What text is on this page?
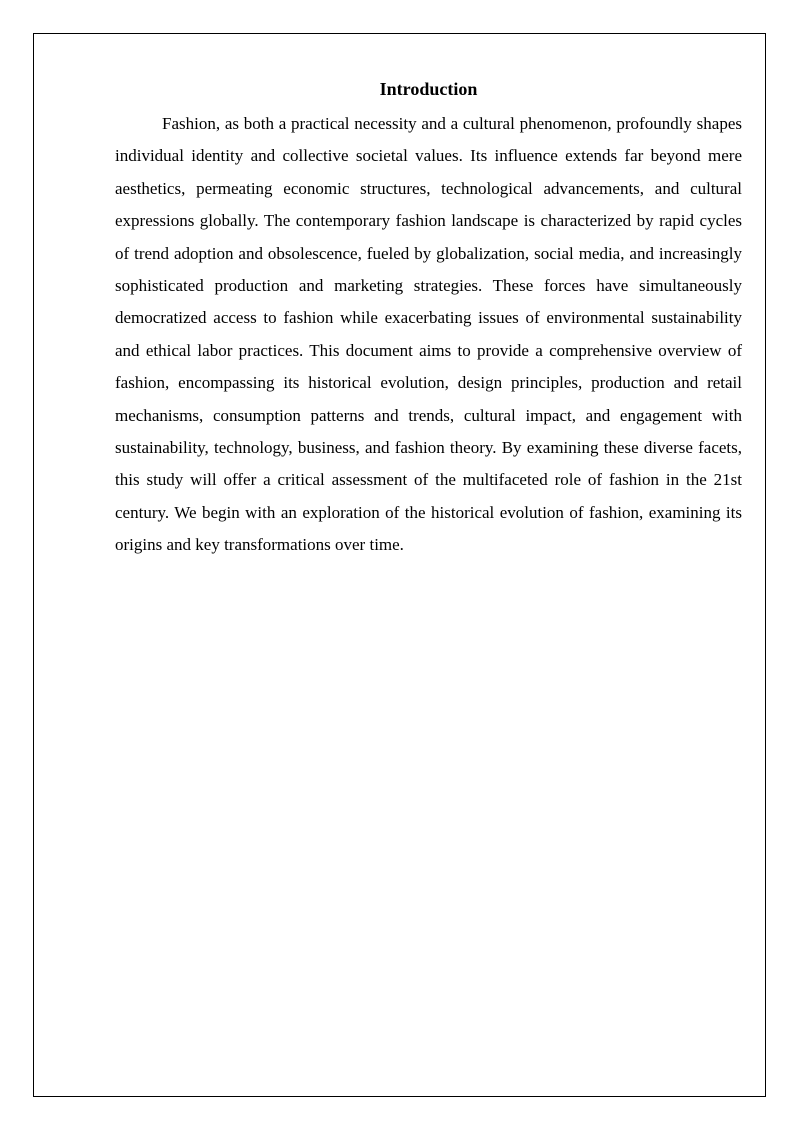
Introduction

Fashion, as both a practical necessity and a cultural phenomenon, profoundly shapes individual identity and collective societal values. Its influence extends far beyond mere aesthetics, permeating economic structures, technological advancements, and cultural expressions globally. The contemporary fashion landscape is characterized by rapid cycles of trend adoption and obsolescence, fueled by globalization, social media, and increasingly sophisticated production and marketing strategies. These forces have simultaneously democratized access to fashion while exacerbating issues of environmental sustainability and ethical labor practices. This document aims to provide a comprehensive overview of fashion, encompassing its historical evolution, design principles, production and retail mechanisms, consumption patterns and trends, cultural impact, and engagement with sustainability, technology, business, and fashion theory. By examining these diverse facets, this study will offer a critical assessment of the multifaceted role of fashion in the 21st century. We begin with an exploration of the historical evolution of fashion, examining its origins and key transformations over time.
